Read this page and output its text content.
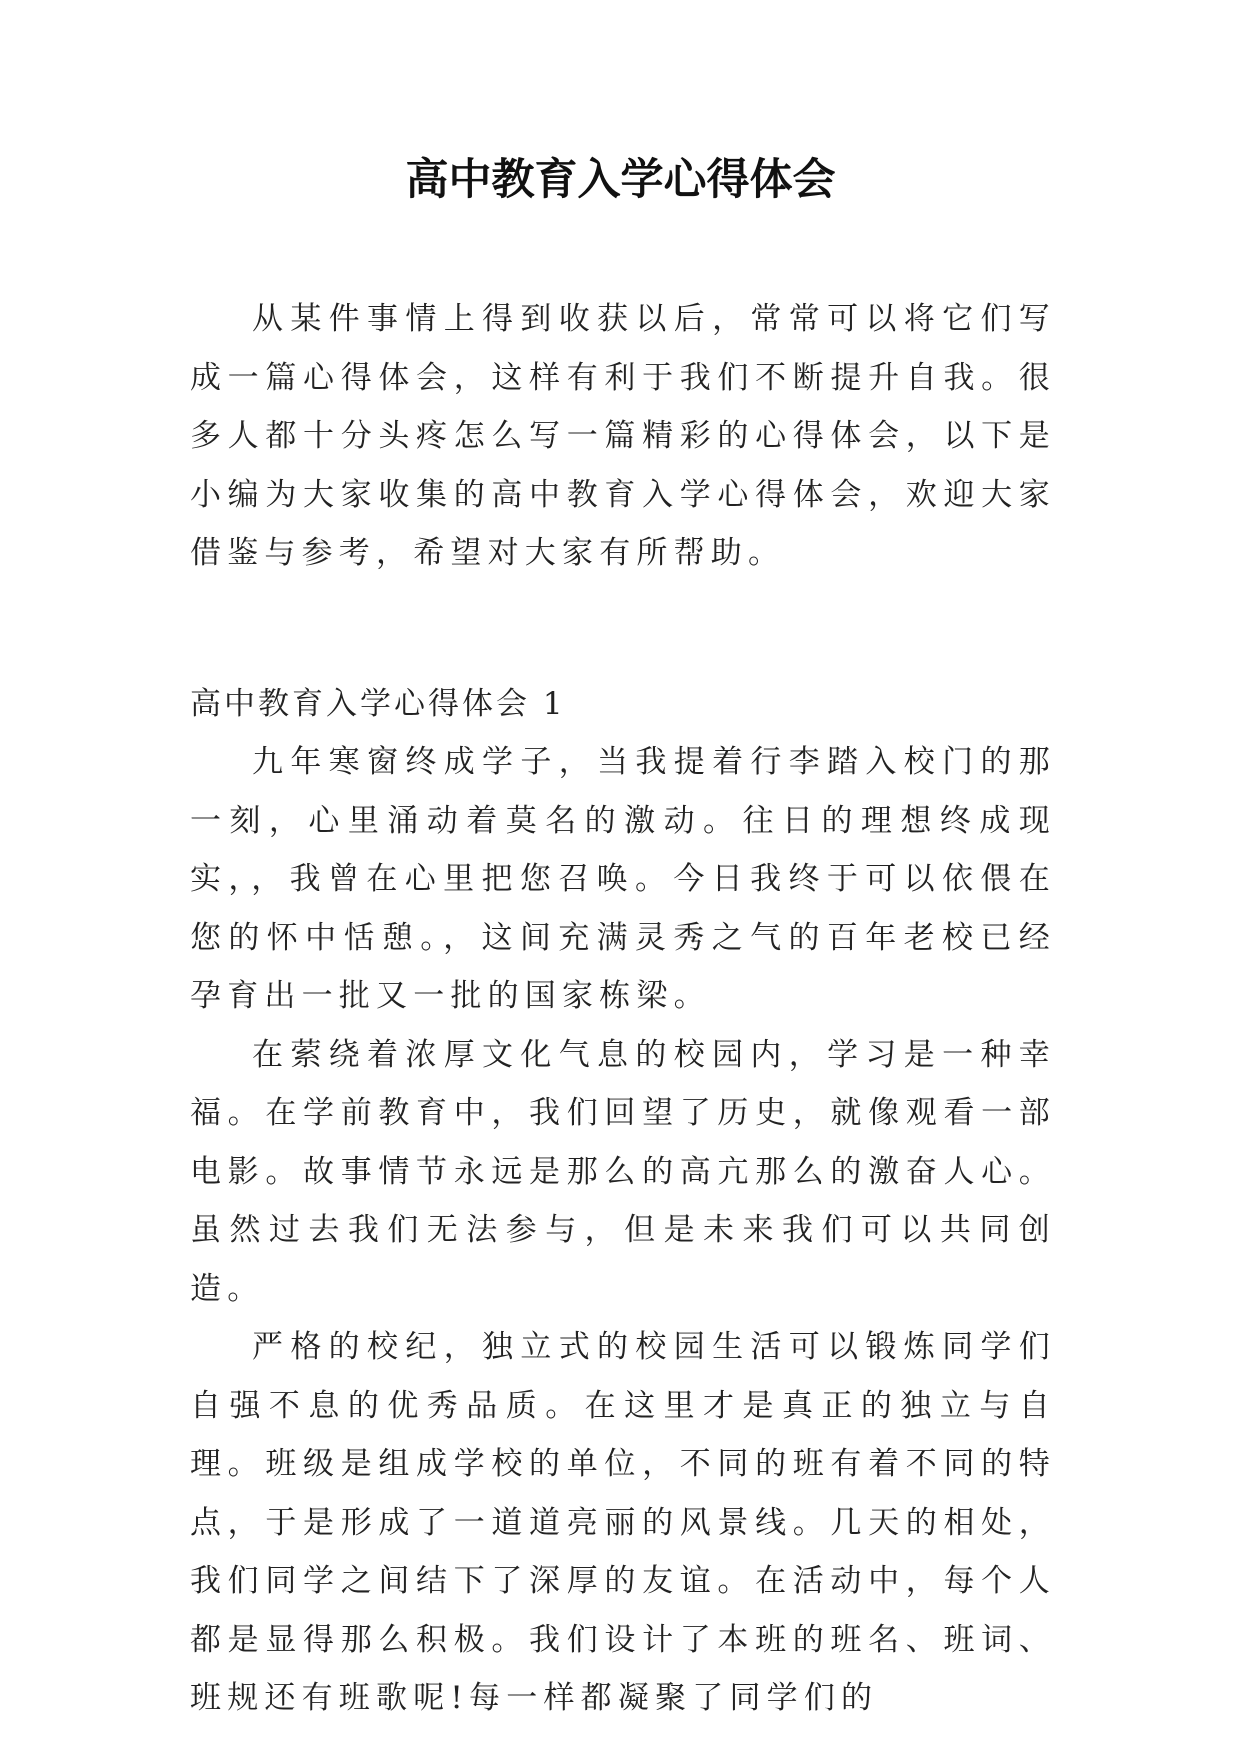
高中教育入学心得体会

从某件事情上得到收获以后，常常可以将它们写成一篇心得体会，这样有利于我们不断提升自我。很多人都十分头疼怎么写一篇精彩的心得体会，以下是小编为大家收集的高中教育入学心得体会，欢迎大家借鉴与参考，希望对大家有所帮助。

高中教育入学心得体会 1

九年寒窗终成学子，当我提着行李踏入校门的那一刻，心里涌动着莫名的激动。往日的理想终成现实，，我曾在心里把您召唤。今日我终于可以依偎在您的怀中恬憩。，这间充满灵秀之气的百年老校已经孕育出一批又一批的国家栋梁。

在萦绕着浓厚文化气息的校园内，学习是一种幸福。在学前教育中，我们回望了历史，就像观看一部电影。故事情节永远是那么的高亢那么的激奋人心。虽然过去我们无法参与，但是未来我们可以共同创造。

严格的校纪，独立式的校园生活可以锻炼同学们自强不息的优秀品质。在这里才是真正的独立与自理。班级是组成学校的单位，不同的班有着不同的特点，于是形成了一道道亮丽的风景线。几天的相处，我们同学之间结下了深厚的友谊。在活动中，每个人都是显得那么积极。我们设计了本班的班名、班词、班规还有班歌呢!每一样都凝聚了同学们的
